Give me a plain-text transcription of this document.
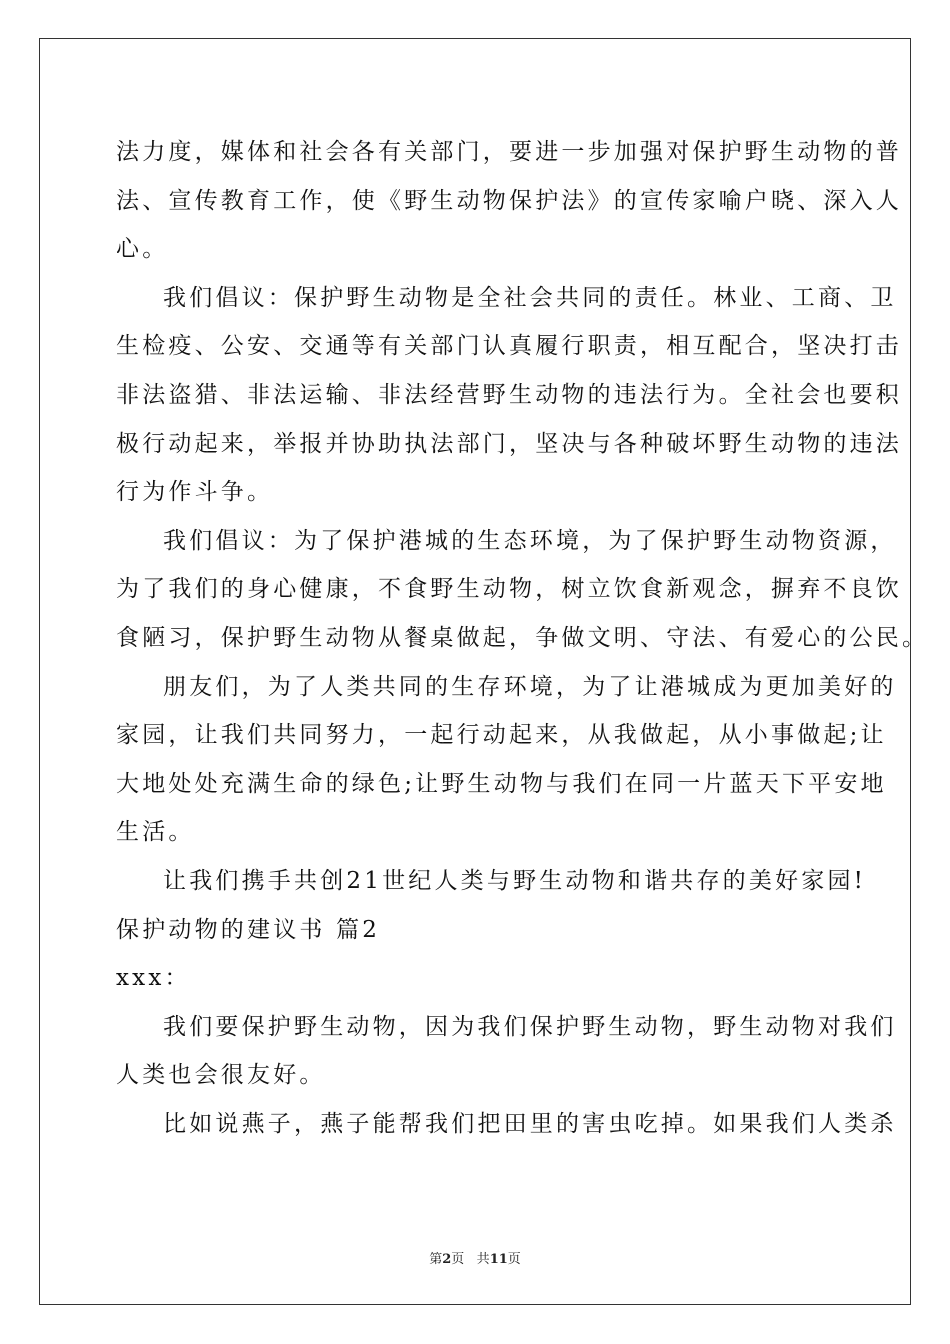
法力度，媒体和社会各有关部门，要进一步加强对保护野生动物的普
法、宣传教育工作，使《野生动物保护法》的宣传家喻户晓、深入人
心。
我们倡议：保护野生动物是全社会共同的责任。林业、工商、卫
生检疫、公安、交通等有关部门认真履行职责，相互配合，坚决打击
非法盗猎、非法运输、非法经营野生动物的违法行为。全社会也要积
极行动起来，举报并协助执法部门，坚决与各种破坏野生动物的违法
行为作斗争。
我们倡议：为了保护港城的生态环境，为了保护野生动物资源，
为了我们的身心健康，不食野生动物，树立饮食新观念，摒弃不良饮
食陋习，保护野生动物从餐桌做起，争做文明、守法、有爱心的公民。
朋友们，为了人类共同的生存环境，为了让港城成为更加美好的
家园，让我们共同努力，一起行动起来，从我做起，从小事做起;让
大地处处充满生命的绿色;让野生动物与我们在同一片蓝天下平安地
生活。
让我们携手共创21世纪人类与野生动物和谐共存的美好家园!
保护动物的建议书 篇2
xxx：
我们要保护野生动物，因为我们保护野生动物，野生动物对我们
人类也会很友好。
比如说燕子，燕子能帮我们把田里的害虫吃掉。如果我们人类杀
第2页 共11页
